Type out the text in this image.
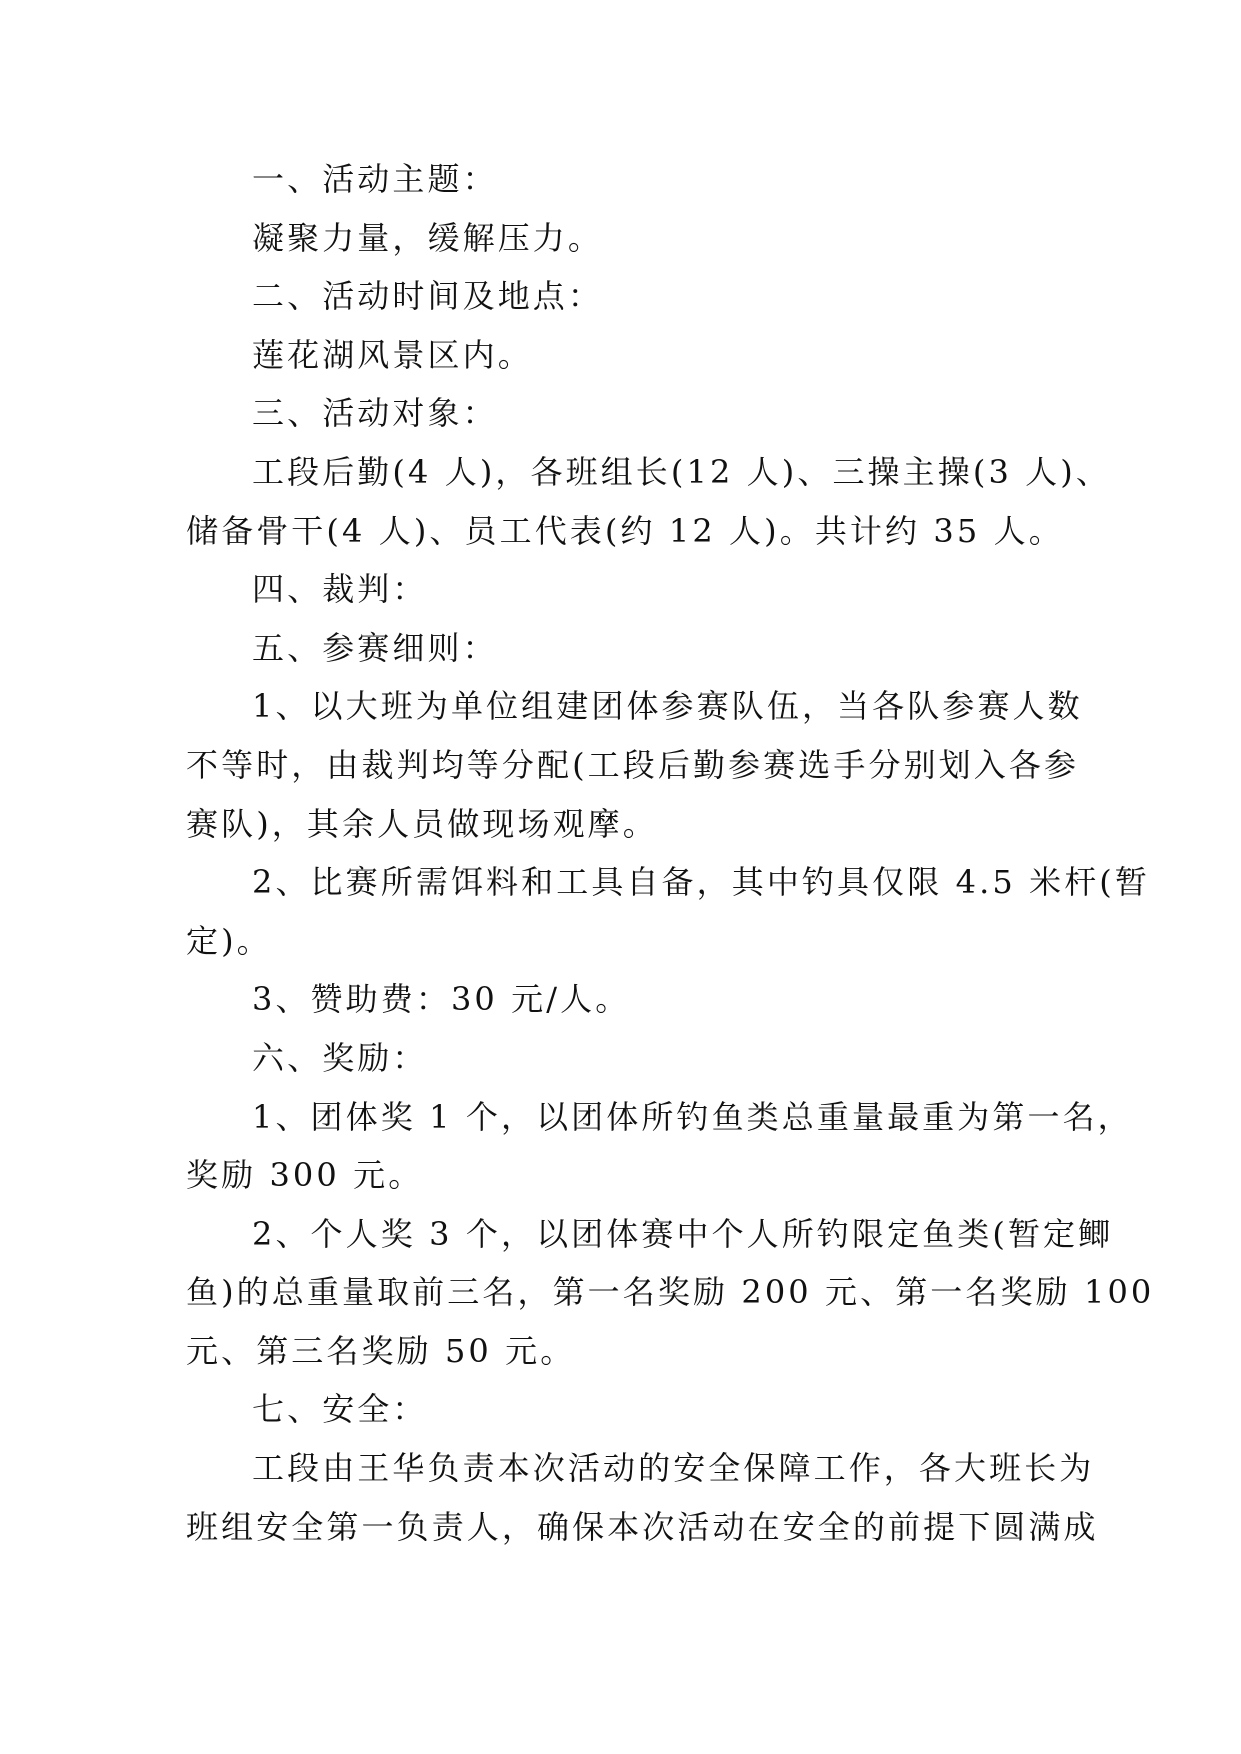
一、活动主题：
凝聚力量，缓解压力。
二、活动时间及地点：
莲花湖风景区内。
三、活动对象：
工段后勤(4 人)，各班组长(12 人)、三操主操(3 人)、
储备骨干(4 人)、员工代表(约 12 人)。共计约 35 人。
四、裁判：
五、参赛细则：
1、以大班为单位组建团体参赛队伍，当各队参赛人数
不等时，由裁判均等分配(工段后勤参赛选手分别划入各参
赛队)，其余人员做现场观摩。
2、比赛所需饵料和工具自备，其中钓具仅限 4.5 米杆(暂
定)。
3、赞助费：30 元/人。
六、奖励：
1、团体奖 1 个，以团体所钓鱼类总重量最重为第一名，
奖励 300 元。
2、个人奖 3 个，以团体赛中个人所钓限定鱼类(暂定鲫
鱼)的总重量取前三名，第一名奖励 200 元、第一名奖励 100
元、第三名奖励 50 元。
七、安全：
工段由王华负责本次活动的安全保障工作，各大班长为
班组安全第一负责人，确保本次活动在安全的前提下圆满成
